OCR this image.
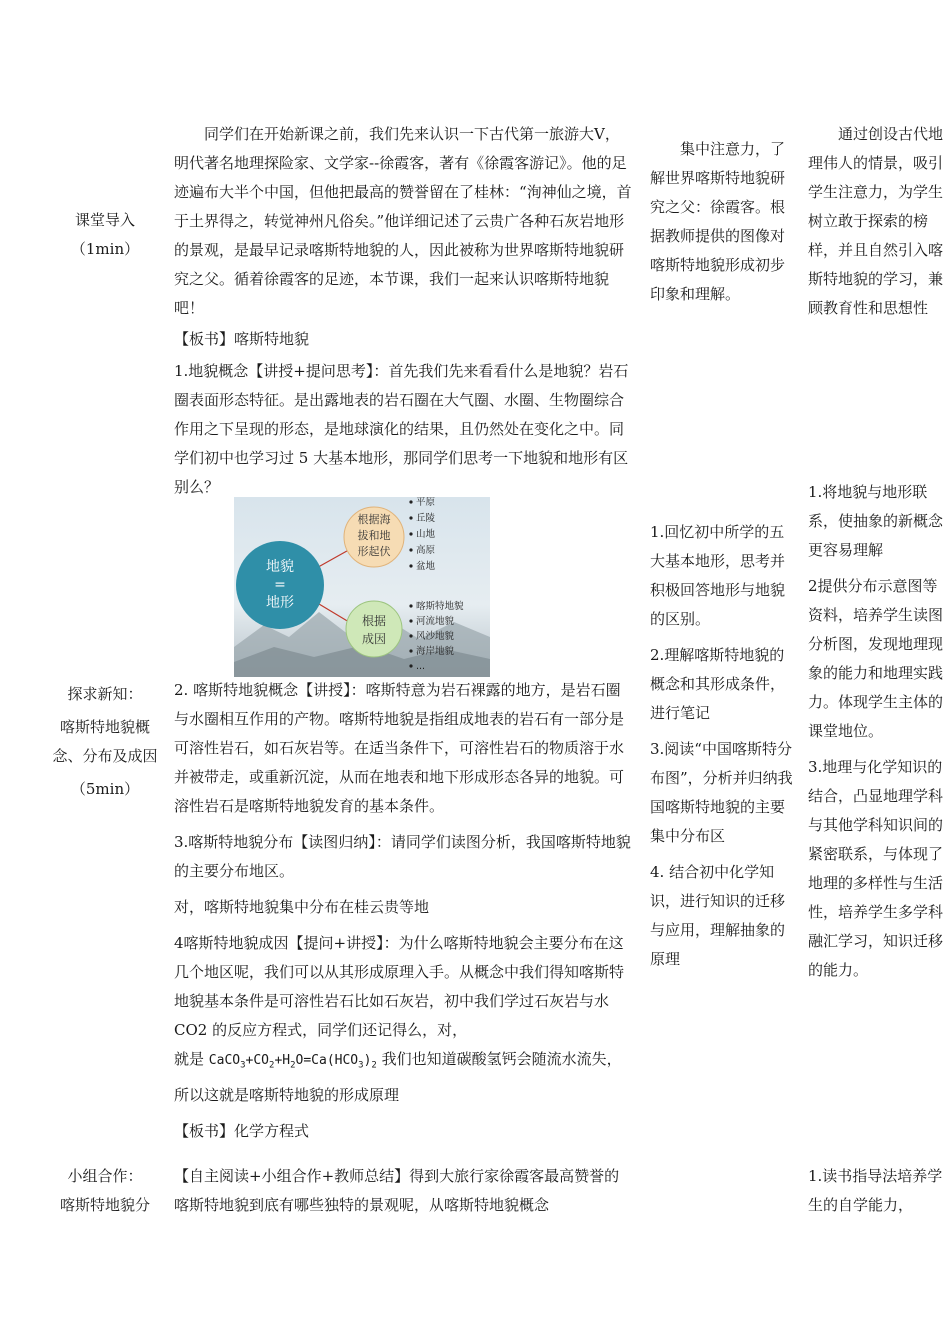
课堂导入

（1min）

同学们在开始新课之前，我们先来认识一下古代第一旅游大V，明代著名地理探险家、文学家--徐霞客，著有《徐霞客游记》。他的足迹遍布大半个中国，但他把最高的赞誉留在了桂林：“洵神仙之境，首于土界得之，转觉神州凡俗矣。”他详细记述了云贵广各种石灰岩地形的景观，是最早记录喀斯特地貌的人，因此被称为世界喀斯特地貌研究之父。循着徐霞客的足迹，本节课，我们一起来认识喀斯特地貌吧！

【板书】喀斯特地貌

集中注意力，了解世界喀斯特地貌研究之父：徐霞客。根据教师提供的图像对喀斯特地貌形成初步印象和理解。

通过创设古代地理伟人的情景，吸引学生注意力，为学生树立敢于探索的榜样，并且自然引入喀斯特地貌的学习，兼顾教育性和思想性

1.地貌概念【讲授+提问思考】：首先我们先来看看什么是地貌？岩石圈表面形态特征。是出露地表的岩石圈在大气圈、水圈、生物圈综合作用之下呈现的形态，是地球演化的结果，且仍然处在变化之中。同学们初中也学习过 5 大基本地形，那同学们思考一下地貌和地形有区别么？

地貌
=
地形
根据海
拔和地
形起伏
根据
成因
平原
丘陵
山地
高原
盆地
喀斯特地貌
河流地貌
风沙地貌
海岸地貌
...

探求新知：

喀斯特地貌概念、分布及成因

（5min）

2. 喀斯特地貌概念【讲授】：喀斯特意为岩石裸露的地方，是岩石圈与水圈相互作用的产物。喀斯特地貌是指组成地表的岩石有一部分是可溶性岩石，如石灰岩等。在适当条件下，可溶性岩石的物质溶于水并被带走，或重新沉淀，从而在地表和地下形成形态各异的地貌。可溶性岩石是喀斯特地貌发育的基本条件。

3.喀斯特地貌分布【读图归纳】：请同学们读图分析，我国喀斯特地貌的主要分布地区。

对，喀斯特地貌集中分布在桂云贵等地

4喀斯特地貌成因【提问+讲授】：为什么喀斯特地貌会主要分布在这几个地区呢，我们可以从其形成原理入手。从概念中我们得知喀斯特地貌基本条件是可溶性岩石比如石灰岩，初中我们学过石灰岩与水 CO2 的反应方程式，同学们还记得么，对，

就是 $CaCO_3+CO_2+H_2O=Ca(HCO_3)_2$ 我们也知道碳酸氢钙会随流水流失，所以这就是喀斯特地貌的形成原理

【板书】化学方程式

1.回忆初中所学的五大基本地形，思考并积极回答地形与地貌的区别。

2.理解喀斯特地貌的概念和其形成条件，进行笔记

3.阅读“中国喀斯特分布图”，分析并归纳我国喀斯特地貌的主要集中分布区

4. 结合初中化学知识，进行知识的迁移与应用，理解抽象的原理

1.将地貌与地形联系，使抽象的新概念更容易理解

2提供分布示意图等资料，培养学生读图分析图，发现地理现象的能力和地理实践力。体现学生主体的课堂地位。

3.地理与化学知识的结合，凸显地理学科与其他学科知识间的紧密联系，与体现了地理的多样性与生活性，培养学生多学科融汇学习，知识迁移的能力。

小组合作：

喀斯特地貌分

【自主阅读+小组合作+教师总结】得到大旅行家徐霞客最高赞誉的喀斯特地貌到底有哪些独特的景观呢，从喀斯特地貌概念

1.读书指导法培养学生的自学能力，
